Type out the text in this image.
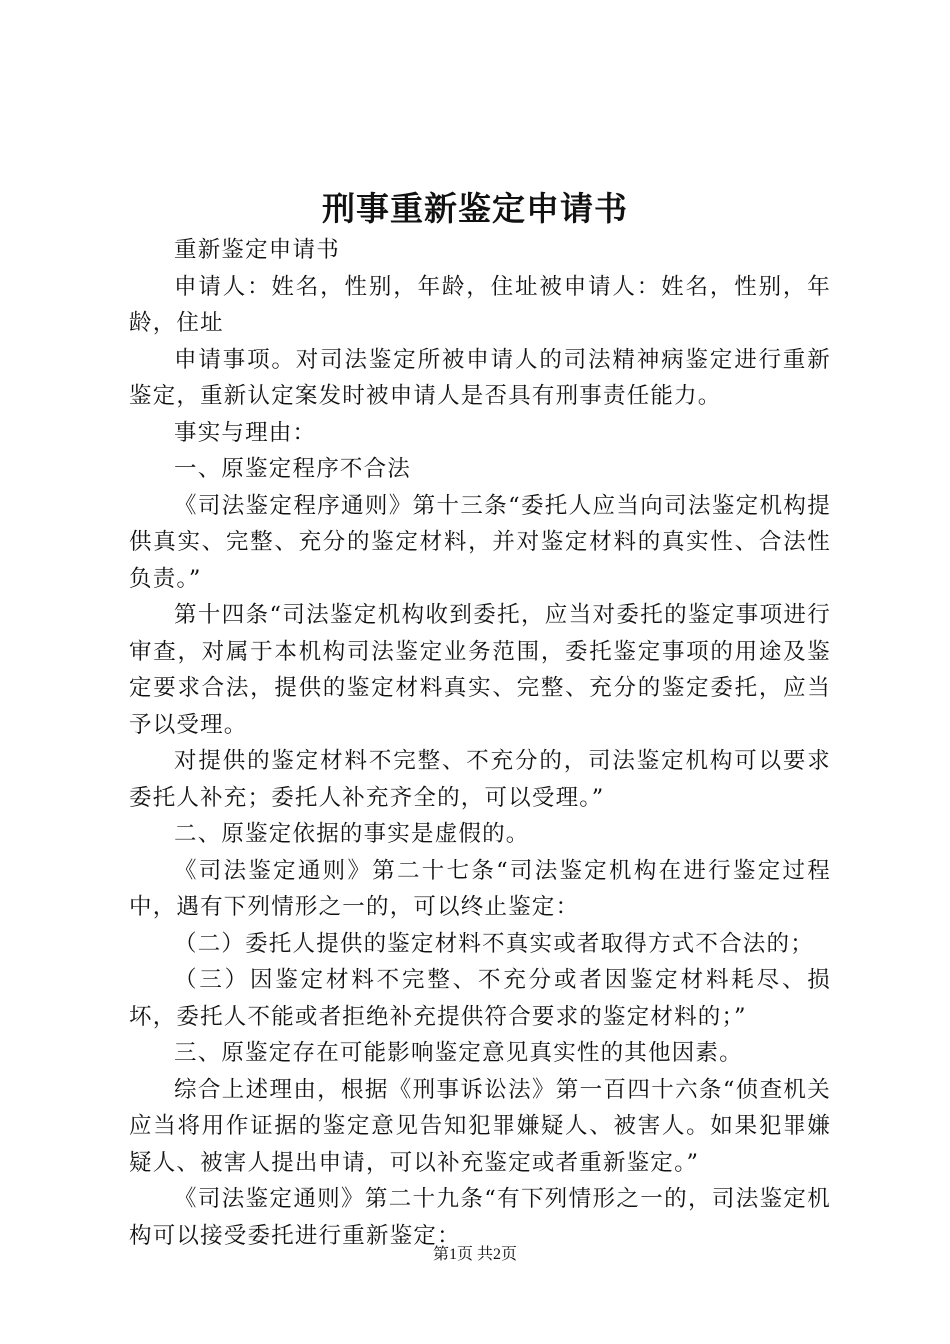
刑事重新鉴定申请书

重新鉴定申请书

申请人：姓名，性别，年龄，住址被申请人：姓名，性别，年龄，住址

申请事项。对司法鉴定所被申请人的司法精神病鉴定进行重新鉴定，重新认定案发时被申请人是否具有刑事责任能力。

事实与理由：

一、原鉴定程序不合法

《司法鉴定程序通则》第十三条“委托人应当向司法鉴定机构提供真实、完整、充分的鉴定材料，并对鉴定材料的真实性、合法性负责。”

第十四条“司法鉴定机构收到委托，应当对委托的鉴定事项进行审查，对属于本机构司法鉴定业务范围，委托鉴定事项的用途及鉴定要求合法，提供的鉴定材料真实、完整、充分的鉴定委托，应当予以受理。

对提供的鉴定材料不完整、不充分的，司法鉴定机构可以要求委托人补充；委托人补充齐全的，可以受理。”

二、原鉴定依据的事实是虚假的。

《司法鉴定通则》第二十七条“司法鉴定机构在进行鉴定过程中，遇有下列情形之一的，可以终止鉴定：

（二）委托人提供的鉴定材料不真实或者取得方式不合法的；

（三）因鉴定材料不完整、不充分或者因鉴定材料耗尽、损坏，委托人不能或者拒绝补充提供符合要求的鉴定材料的；”

三、原鉴定存在可能影响鉴定意见真实性的其他因素。

综合上述理由，根据《刑事诉讼法》第一百四十六条“侦查机关应当将用作证据的鉴定意见告知犯罪嫌疑人、被害人。如果犯罪嫌疑人、被害人提出申请，可以补充鉴定或者重新鉴定。”

《司法鉴定通则》第二十九条“有下列情形之一的，司法鉴定机构可以接受委托进行重新鉴定：

第1页 共2页
